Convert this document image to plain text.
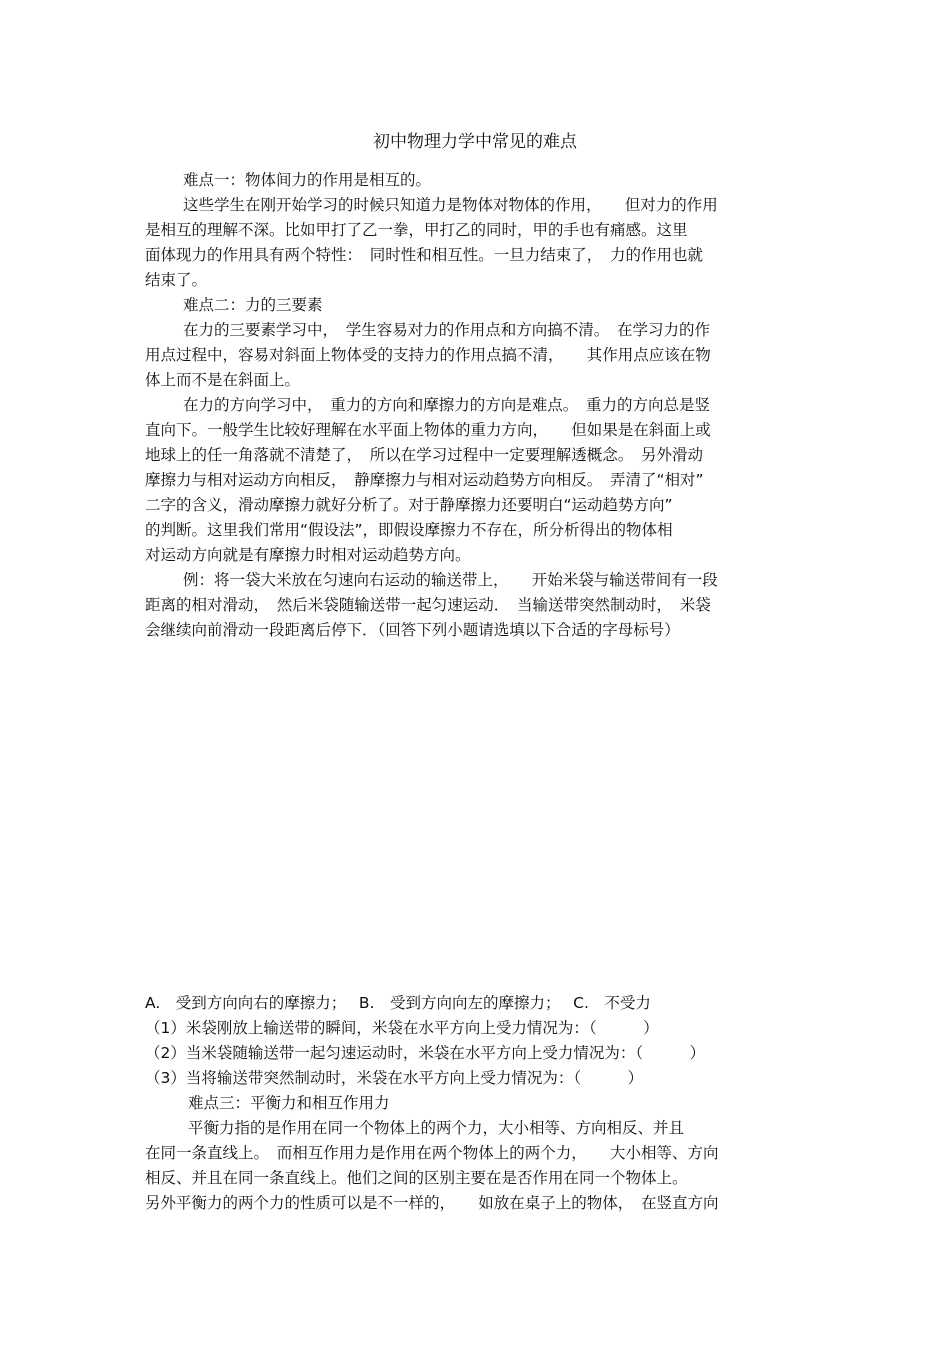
初中物理力学中常见的难点
难点一：物体间力的作用是相互的。
这些学生在刚开始学习的时候只知道力是物体对物体的作用，　　但对力的作用
是相互的理解不深。比如甲打了乙一拳，甲打乙的同时，甲的手也有痛感。这里
面体现力的作用具有两个特性：　同时性和相互性。一旦力结束了，　力的作用也就
结束了。
难点二：力的三要素
在力的三要素学习中，　学生容易对力的作用点和方向搞不清。　在学习力的作
用点过程中，容易对斜面上物体受的支持力的作用点搞不清，　　其作用点应该在物
体上而不是在斜面上。
在力的方向学习中，　重力的方向和摩擦力的方向是难点。　重力的方向总是竖
直向下。一般学生比较好理解在水平面上物体的重力方向，　　但如果是在斜面上或
地球上的任一角落就不清楚了，　所以在学习过程中一定要理解透概念。　另外滑动
摩擦力与相对运动方向相反，　静摩擦力与相对运动趋势方向相反。　弄清了“相对”
二字的含义，滑动摩擦力就好分析了。对于静摩擦力还要明白“运动趋势方向”
的判断。这里我们常用“假设法”，即假设摩擦力不存在，所分析得出的物体相
对运动方向就是有摩擦力时相对运动趋势方向。
例：将一袋大米放在匀速向右运动的输送带上，　　开始米袋与输送带间有一段
距离的相对滑动，　然后米袋随输送带一起匀速运动．　当输送带突然制动时，　米袋
会继续向前滑动一段距离后停下．（回答下列小题请选填以下合适的字母标号）
A.　受到方向向右的摩擦力；　 B.　受到方向向左的摩擦力；　 C.　不受力
（1）米袋刚放上输送带的瞬间，米袋在水平方向上受力情况为：（　　　）
（2）当米袋随输送带一起匀速运动时，米袋在水平方向上受力情况为：（　　　）
（3）当将输送带突然制动时，米袋在水平方向上受力情况为：（　　　）
难点三：平衡力和相互作用力
平衡力指的是作用在同一个物体上的两个力，大小相等、方向相反、并且
在同一条直线上。　而相互作用力是作用在两个物体上的两个力，　　大小相等、方向
相反、并且在同一条直线上。他们之间的区别主要在是否作用在同一个物体上。
另外平衡力的两个力的性质可以是不一样的，　　如放在桌子上的物体，　在竖直方向
